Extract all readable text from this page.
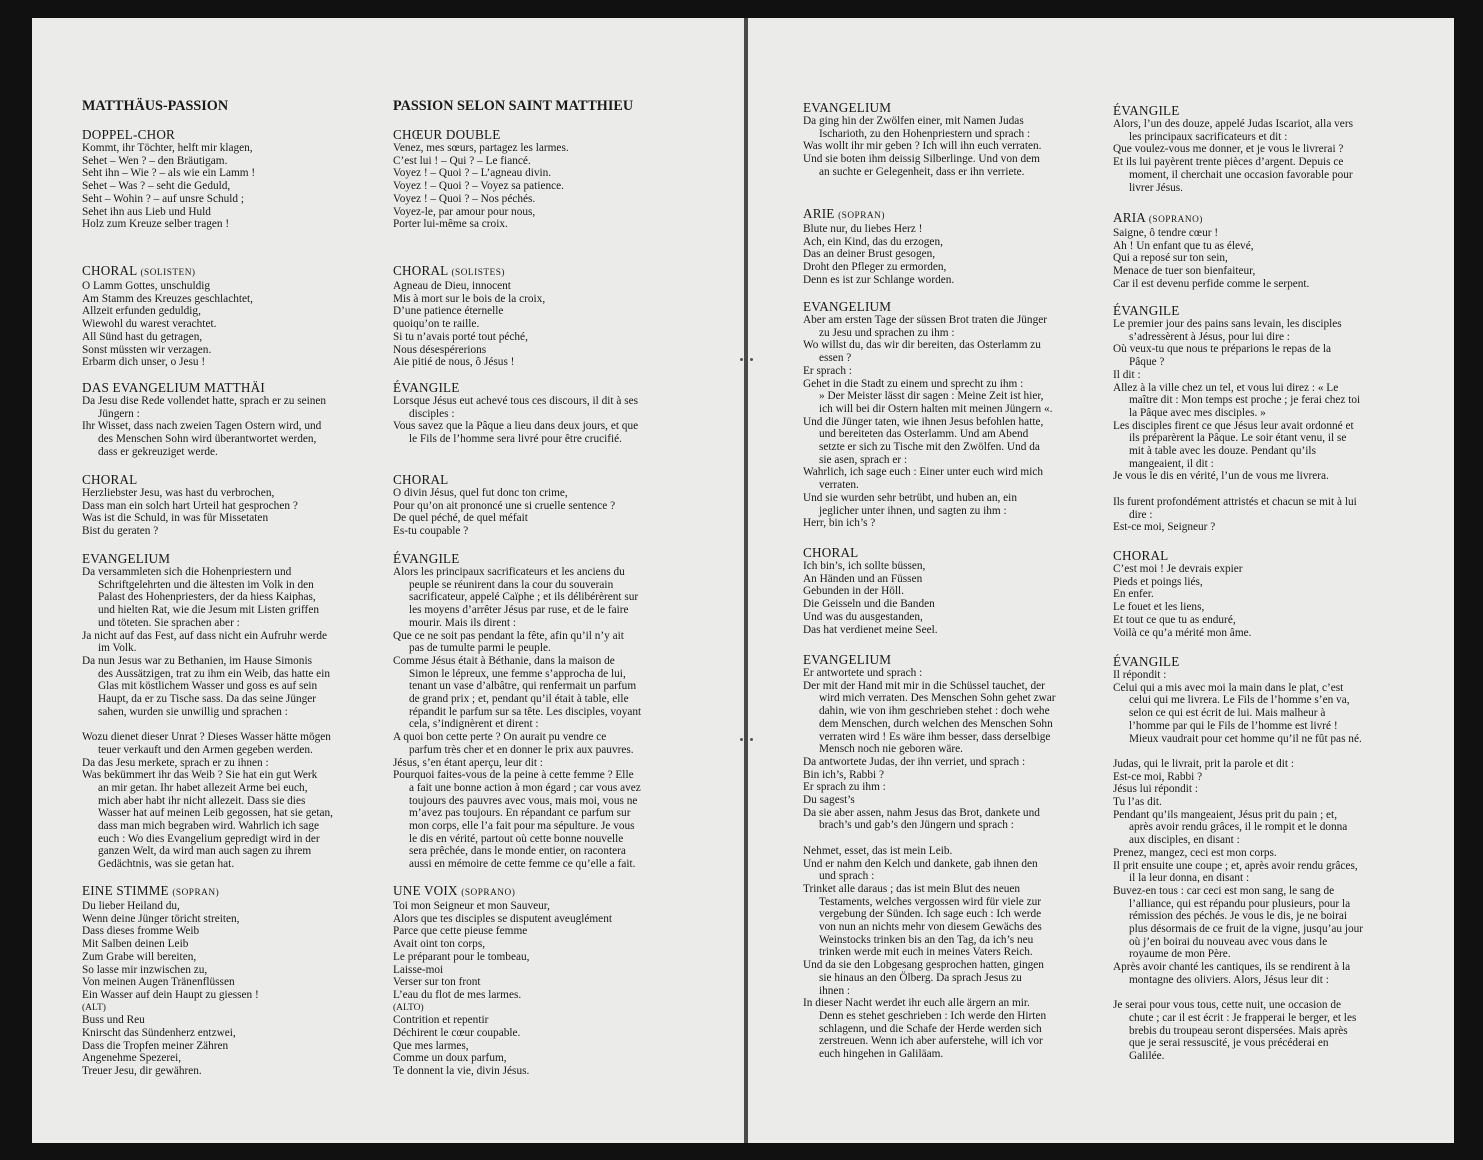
MATTHÄUS-PASSION	PASSION SELON SAINT MATTHIEU
DOPPEL-CHOR
Kommt, ihr Töchter, helft mir klagen,
Sehet – Wen ? – den Bräutigam.
Seht ihn – Wie ? – als wie ein Lamm !
Sehet – Was ? – seht die Geduld,
Seht – Wohin ? – auf unsre Schuld ;
Sehet ihn aus Lieb und Huld
Holz zum Kreuze selber tragen !
CHORAL (SOLISTEN)
O Lamm Gottes, unschuldig
Am Stamm des Kreuzes geschlachtet,
Allzeit erfunden geduldig,
Wiewohl du warest verachtet.
All Sünd hast du getragen,
Sonst müssten wir verzagen.
Erbarm dich unser, o Jesu !
DAS EVANGELIUM MATTHÄI
Da Jesu dise Rede vollendet hatte, sprach er zu seinen
Jüngern :
Ihr Wisset, dass nach zweien Tagen Ostern wird, und
des Menschen Sohn wird überantwortet werden,
dass er gekreuziget werde.
CHORAL
Herzliebster Jesu, was hast du verbrochen,
Dass man ein solch hart Urteil hat gesprochen ?
Was ist die Schuld, in was für Missetaten
Bist du geraten ?
EVANGELIUM
Da versammleten sich die Hohenpriestern und
Schriftgelehrten und die ältesten im Volk in den
Palast des Hohenpriesters, der da hiess Kaiphas,
und hielten Rat, wie die Jesum mit Listen griffen
und töteten. Sie sprachen aber :
Ja nicht auf das Fest, auf dass nicht ein Aufruhr werde
im Volk.
Da nun Jesus war zu Bethanien, im Hause Simonis
des Aussätzigen, trat zu ihm ein Weib, das hatte ein
Glas mit köstlichem Wasser und goss es auf sein
Haupt, da er zu Tische sass. Da das seine Jünger
sahen, wurden sie unwillig und sprachen :
Wozu dienet dieser Unrat ? Dieses Wasser hätte mögen
teuer verkauft und den Armen gegeben werden.
Da das Jesu merkete, sprach er zu ihnen :
Was bekümmert ihr das Weib ? Sie hat ein gut Werk
an mir getan. Ihr habet allezeit Arme bei euch,
mich aber habt ihr nicht allezeit. Dass sie dies
Wasser hat auf meinen Leib gegossen, hat sie getan,
dass man mich begraben wird. Wahrlich ich sage
euch : Wo dies Evangelium gepredigt wird in der
ganzen Welt, da wird man auch sagen zu ihrem
Gedächtnis, was sie getan hat.
EINE STIMME (SOPRAN)
Du lieber Heiland du,
Wenn deine Jünger töricht streiten,
Dass dieses fromme Weib
Mit Salben deinen Leib
Zum Grabe will bereiten,
So lasse mir inzwischen zu,
Von meinen Augen Tränenflüssen
Ein Wasser auf dein Haupt zu giessen !
(ALT)
Buss und Reu
Knirscht das Sündenherz entzwei,
Dass die Tropfen meiner Zähren
Angenehme Spezerei,
Treuer Jesu, dir gewähren.
CHŒUR DOUBLE
Venez, mes sœurs, partagez les larmes.
C’est lui ! – Qui ? – Le fiancé.
Voyez ! – Quoi ? – L’agneau divin.
Voyez ! – Quoi ? – Voyez sa patience.
Voyez ! – Quoi ? – Nos péchés.
Voyez-le, par amour pour nous,
Porter lui-même sa croix.
CHORAL (SOLISTES)
Agneau de Dieu, innocent
Mis à mort sur le bois de la croix,
D’une patience éternelle
quoiqu’on te raille.
Si tu n’avais porté tout péché,
Nous désespérerions
Aie pitié de nous, ô Jésus !
ÉVANGILE
Lorsque Jésus eut achevé tous ces discours, il dit à ses
disciples :
Vous savez que la Pâque a lieu dans deux jours, et que
le Fils de l’homme sera livré pour être crucifié.
CHORAL
O divin Jésus, quel fut donc ton crime,
Pour qu’on ait prononcé une si cruelle sentence ?
De quel péché, de quel méfait
Es-tu coupable ?
ÉVANGILE
Alors les principaux sacrificateurs et les anciens du
peuple se réunirent dans la cour du souverain
sacrificateur, appelé Caïphe ; et ils délibérèrent sur
les moyens d’arrêter Jésus par ruse, et de le faire
mourir. Mais ils dirent :
Que ce ne soit pas pendant la fête, afin qu’il n’y ait
pas de tumulte parmi le peuple.
Comme Jésus était à Béthanie, dans la maison de
Simon le lépreux, une femme s’approcha de lui,
tenant un vase d’albâtre, qui renfermait un parfum
de grand prix ; et, pendant qu’il était à table, elle
répandit le parfum sur sa tête. Les disciples, voyant
cela, s’indignèrent et dirent :
A quoi bon cette perte ? On aurait pu vendre ce
parfum très cher et en donner le prix aux pauvres.
Jésus, s’en étant aperçu, leur dit :
Pourquoi faites-vous de la peine à cette femme ? Elle
a fait une bonne action à mon égard ; car vous avez
toujours des pauvres avec vous, mais moi, vous ne
m’avez pas toujours. En répandant ce parfum sur
mon corps, elle l’a fait pour ma sépulture. Je vous
le dis en vérité, partout où cette bonne nouvelle
sera prêchée, dans le monde entier, on racontera
aussi en mémoire de cette femme ce qu’elle a fait.
UNE VOIX (SOPRANO)
Toi mon Seigneur et mon Sauveur,
Alors que tes disciples se disputent aveuglément
Parce que cette pieuse femme
Avait oint ton corps,
Le préparant pour le tombeau,
Laisse-moi
Verser sur ton front
L’eau du flot de mes larmes.
(ALTO)
Contrition et repentir
Déchirent le cœur coupable.
Que mes larmes,
Comme un doux parfum,
Te donnent la vie, divin Jésus.
EVANGELIUM
Da ging hin der Zwölfen einer, mit Namen Judas
Ischarioth, zu den Hohenpriestern und sprach :
Was wollt ihr mir geben ? Ich will ihn euch verraten.
Und sie boten ihm deissig Silberlinge. Und von dem
an suchte er Gelegenheit, dass er ihn verriete.
ARIE (SOPRAN)
Blute nur, du liebes Herz !
Ach, ein Kind, das du erzogen,
Das an deiner Brust gesogen,
Droht den Pfleger zu ermorden,
Denn es ist zur Schlange worden.
EVANGELIUM
Aber am ersten Tage der süssen Brot traten die Jünger
zu Jesu und sprachen zu ihm :
Wo willst du, das wir dir bereiten, das Osterlamm zu
essen ?
Er sprach :
Gehet in die Stadt zu einem und sprecht zu ihm :
» Der Meister lässt dir sagen : Meine Zeit ist hier,
ich will bei dir Ostern halten mit meinen Jüngern «.
Und die Jünger taten, wie ihnen Jesus befohlen hatte,
und bereiteten das Osterlamm. Und am Abend
setzte er sich zu Tische mit den Zwölfen. Und da
sie asen, sprach er :
Wahrlich, ich sage euch : Einer unter euch wird mich
verraten.
Und sie wurden sehr betrübt, und huben an, ein
jeglicher unter ihnen, und sagten zu ihm :
Herr, bin ich’s ?
CHORAL
Ich bin’s, ich sollte büssen,
An Händen und an Füssen
Gebunden in der Höll.
Die Geisseln und die Banden
Und was du ausgestanden,
Das hat verdienet meine Seel.
EVANGELIUM
Er antwortete und sprach :
Der mit der Hand mit mir in die Schüssel tauchet, der
wird mich verraten. Des Menschen Sohn gehet zwar
dahin, wie von ihm geschrieben stehet : doch wehe
dem Menschen, durch welchen des Menschen Sohn
verraten wird ! Es wäre ihm besser, dass derselbige
Mensch noch nie geboren wäre.
Da antwortete Judas, der ihn verriet, und sprach :
Bin ich’s, Rabbi ?
Er sprach zu ihm :
Du sagest’s
Da sie aber assen, nahm Jesus das Brot, dankete und
brach’s und gab’s den Jüngern und sprach :
Nehmet, esset, das ist mein Leib.
Und er nahm den Kelch und dankete, gab ihnen den
und sprach :
Trinket alle daraus ; das ist mein Blut des neuen
Testaments, welches vergossen wird für viele zur
vergebung der Sünden. Ich sage euch : Ich werde
von nun an nichts mehr von diesem Gewächs des
Weinstocks trinken bis an den Tag, da ich’s neu
trinken werde mit euch in meines Vaters Reich.
Und da sie den Lobgesang gesprochen hatten, gingen
sie hinaus an den Ölberg. Da sprach Jesus zu
ihnen :
In dieser Nacht werdet ihr euch alle ärgern an mir.
Denn es stehet geschrieben : Ich werde den Hirten
schlagenn, und die Schafe der Herde werden sich
zerstreuen. Wenn ich aber auferstehe, will ich vor
euch hingehen in Galiläam.
ÉVANGILE
Alors, l’un des douze, appelé Judas Iscariot, alla vers
les principaux sacrificateurs et dit :
Que voulez-vous me donner, et je vous le livrerai ?
Et ils lui payèrent trente pièces d’argent. Depuis ce
moment, il cherchait une occasion favorable pour
livrer Jésus.
ARIA (SOPRANO)
Saigne, ô tendre cœur !
Ah ! Un enfant que tu as élevé,
Qui a reposé sur ton sein,
Menace de tuer son bienfaiteur,
Car il est devenu perfide comme le serpent.
ÉVANGILE
Le premier jour des pains sans levain, les disciples
s’adressèrent à Jésus, pour lui dire :
Où veux-tu que nous te préparions le repas de la
Pâque ?
Il dit :
Allez à la ville chez un tel, et vous lui direz : « Le
maître dit : Mon temps est proche ; je ferai chez toi
la Pâque avec mes disciples. »
Les disciples firent ce que Jésus leur avait ordonné et
ils préparèrent la Pâque. Le soir étant venu, il se
mit à table avec les douze. Pendant qu’ils
mangeaient, il dit :
Je vous le dis en vérité, l’un de vous me livrera.
Ils furent profondément attristés et chacun se mit à lui
dire :
Est-ce moi, Seigneur ?
CHORAL
C’est moi ! Je devrais expier
Pieds et poings liés,
En enfer.
Le fouet et les liens,
Et tout ce que tu as enduré,
Voilà ce qu’a mérité mon âme.
ÉVANGILE
Il répondit :
Celui qui a mis avec moi la main dans le plat, c’est
celui qui me livrera. Le Fils de l’homme s’en va,
selon ce qui est écrit de lui. Mais malheur à
l’homme par qui le Fils de l’homme est livré !
Mieux vaudrait pour cet homme qu’il ne fût pas né.
Judas, qui le livrait, prit la parole et dit :
Est-ce moi, Rabbi ?
Jésus lui répondit :
Tu l’as dit.
Pendant qu’ils mangeaient, Jésus prit du pain ; et,
après avoir rendu grâces, il le rompit et le donna
aux disciples, en disant :
Prenez, mangez, ceci est mon corps.
Il prit ensuite une coupe ; et, après avoir rendu grâces,
il la leur donna, en disant :
Buvez-en tous : car ceci est mon sang, le sang de
l’alliance, qui est répandu pour plusieurs, pour la
rémission des péchés. Je vous le dis, je ne boirai
plus désormais de ce fruit de la vigne, jusqu’au jour
où j’en boirai du nouveau avec vous dans le
royaume de mon Père.
Après avoir chanté les cantiques, ils se rendirent à la
montagne des oliviers. Alors, Jésus leur dit :
Je serai pour vous tous, cette nuit, une occasion de
chute ; car il est écrit : Je frapperai le berger, et les
brebis du troupeau seront dispersées. Mais après
que je serai ressuscité, je vous précéderai en
Galilée.
